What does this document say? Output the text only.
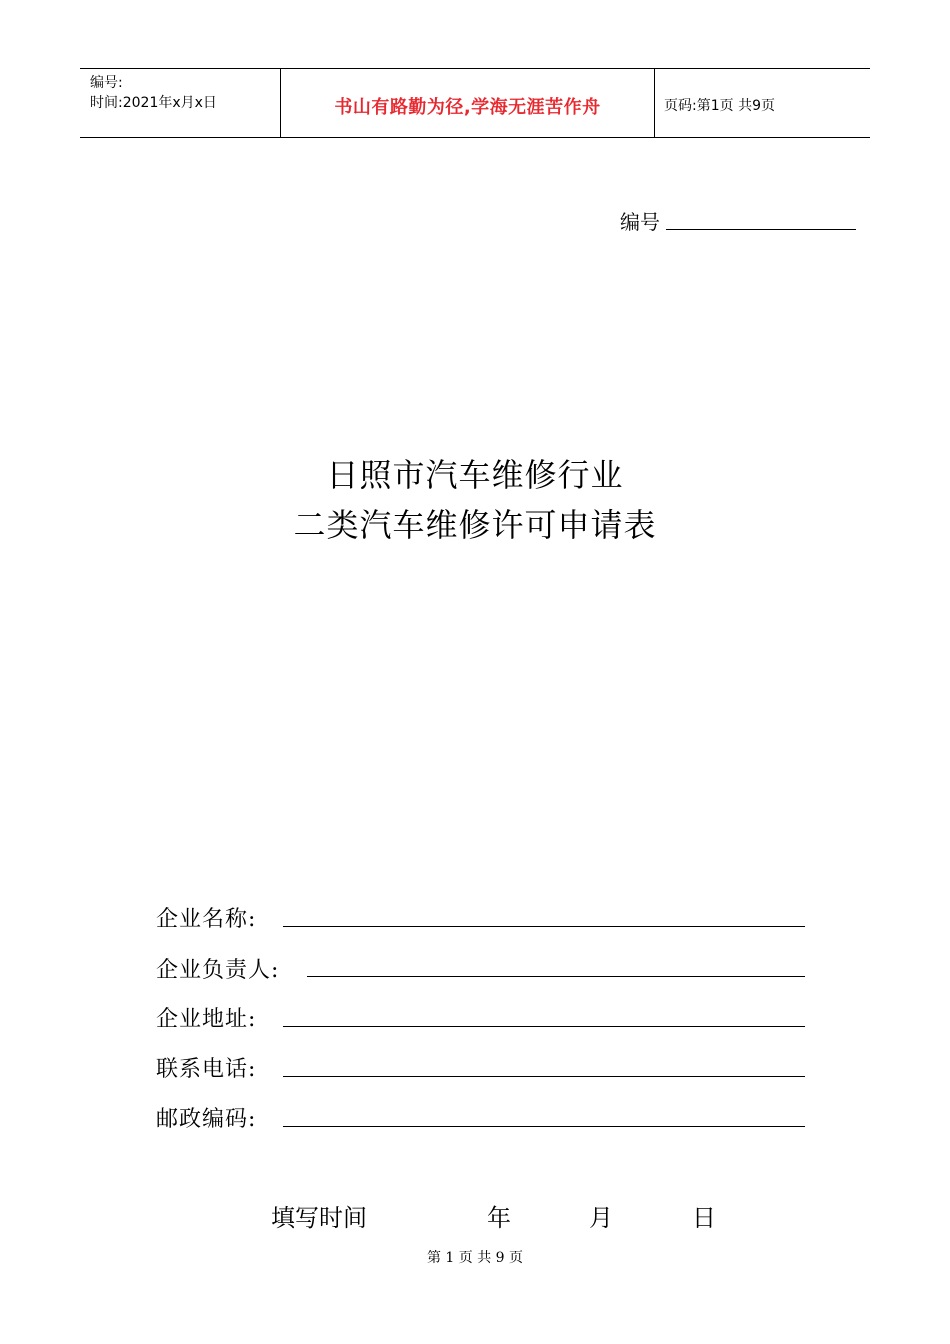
编号:
时间:2021年x月x日	书山有路勤为径,学海无涯苦作舟	页码:第1页 共9页
编号
日照市汽车维修行业
二类汽车维修许可申请表
企业名称:
企业负责人:
企业地址:
联系电话:
邮政编码:
填写时间	年	月	日
第 1 页 共 9 页
